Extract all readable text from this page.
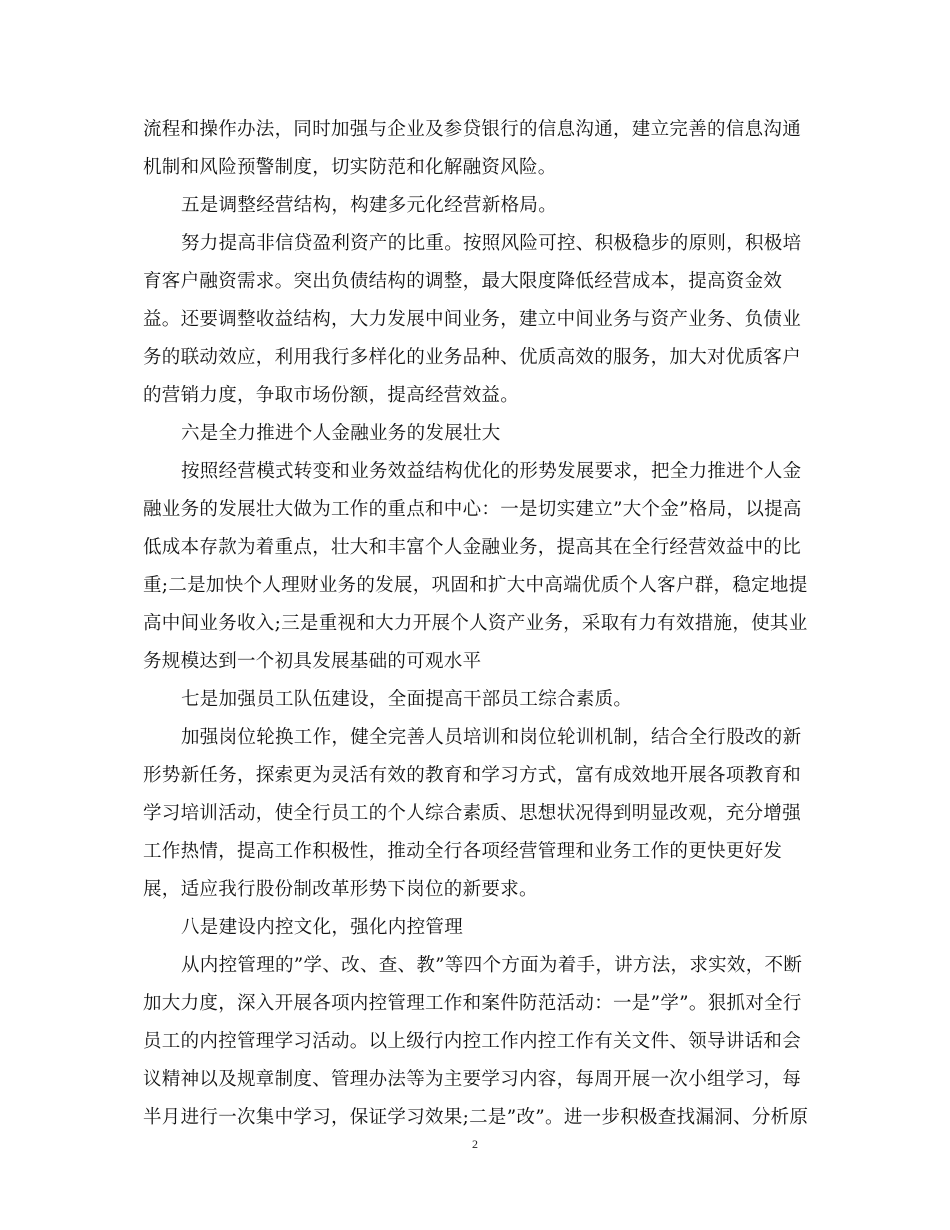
流程和操作办法，同时加强与企业及参贷银行的信息沟通，建立完善的信息沟通
机制和风险预警制度，切实防范和化解融资风险。
五是调整经营结构，构建多元化经营新格局。
努力提高非信贷盈利资产的比重。按照风险可控、积极稳步的原则，积极培
育客户融资需求。突出负债结构的调整，最大限度降低经营成本，提高资金效
益。还要调整收益结构，大力发展中间业务，建立中间业务与资产业务、负债业
务的联动效应，利用我行多样化的业务品种、优质高效的服务，加大对优质客户
的营销力度，争取市场份额，提高经营效益。
六是全力推进个人金融业务的发展壮大
按照经营模式转变和业务效益结构优化的形势发展要求，把全力推进个人金
融业务的发展壮大做为工作的重点和中心：一是切实建立”大个金”格局，以提高
低成本存款为着重点，壮大和丰富个人金融业务，提高其在全行经营效益中的比
重;二是加快个人理财业务的发展，巩固和扩大中高端优质个人客户群，稳定地提
高中间业务收入;三是重视和大力开展个人资产业务，采取有力有效措施，使其业
务规模达到一个初具发展基础的可观水平
七是加强员工队伍建设，全面提高干部员工综合素质。
加强岗位轮换工作，健全完善人员培训和岗位轮训机制，结合全行股改的新
形势新任务，探索更为灵活有效的教育和学习方式，富有成效地开展各项教育和
学习培训活动，使全行员工的个人综合素质、思想状况得到明显改观，充分增强
工作热情，提高工作积极性，推动全行各项经营管理和业务工作的更快更好发
展，适应我行股份制改革形势下岗位的新要求。
八是建设内控文化，强化内控管理
从内控管理的”学、改、查、教”等四个方面为着手，讲方法，求实效，不断
加大力度，深入开展各项内控管理工作和案件防范活动：一是”学”。狠抓对全行
员工的内控管理学习活动。以上级行内控工作内控工作有关文件、领导讲话和会
议精神以及规章制度、管理办法等为主要学习内容，每周开展一次小组学习，每
半月进行一次集中学习，保证学习效果;二是”改”。进一步积极查找漏洞、分析原
2
